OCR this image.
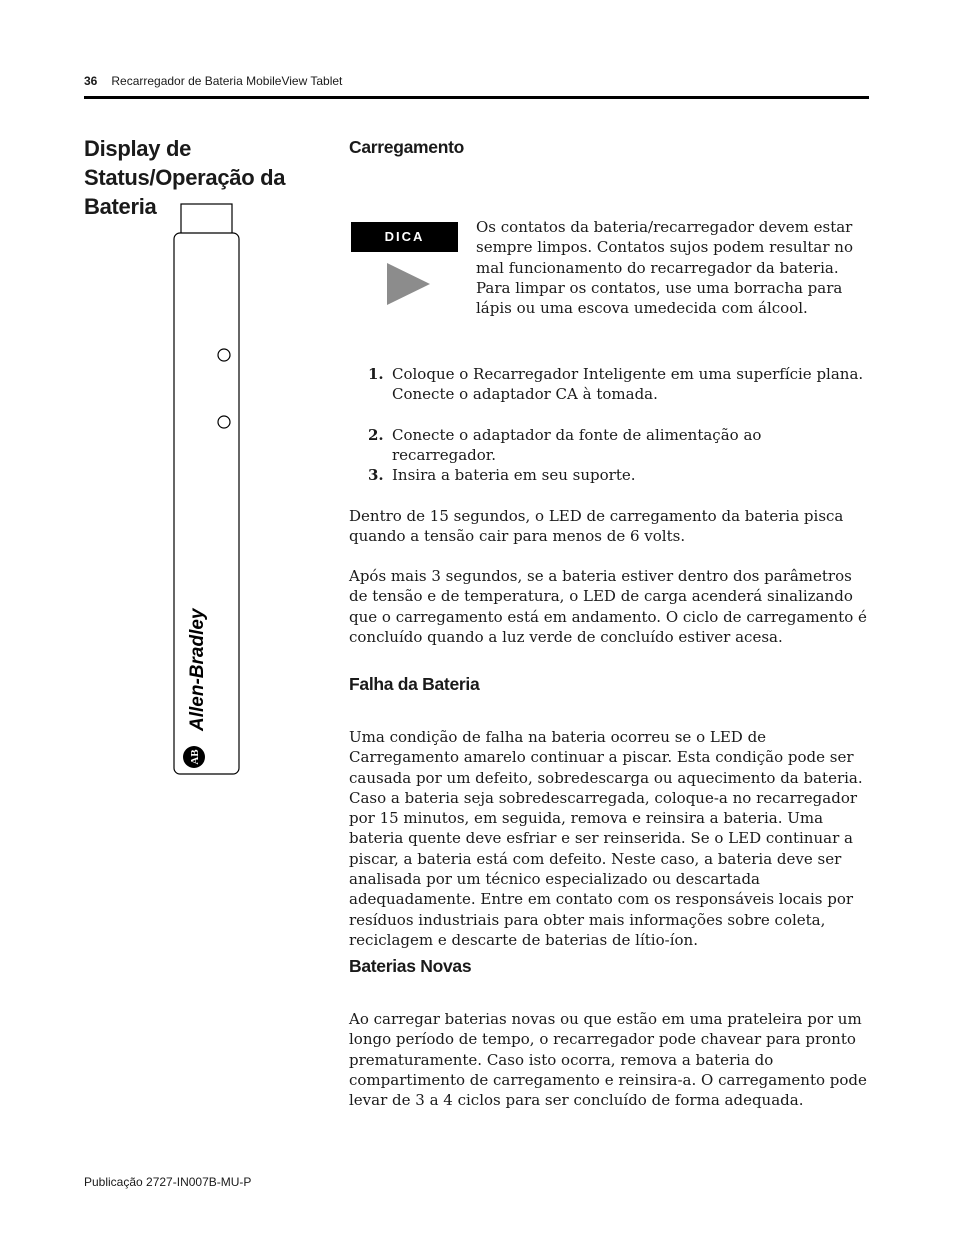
36 Recarregador de Bateria MobileView Tablet
Display de Status/Operação da Bateria
Allen-Bradley
AB
Carregamento
DICA
Os contatos da bateria/recarregador devem estar sempre limpos. Contatos sujos podem resultar no mal funcionamento do recarregador da bateria. Para limpar os contatos, use uma borracha para lápis ou uma escova umedecida com álcool.
1. Coloque o Recarregador Inteligente em uma superfície plana. Conecte o adaptador CA à tomada.
2. Conecte o adaptador da fonte de alimentação ao recarregador.
3. Insira a bateria em seu suporte.
Dentro de 15 segundos, o LED de carregamento da bateria pisca quando a tensão cair para menos de 6 volts.
Após mais 3 segundos, se a bateria estiver dentro dos parâmetros de tensão e de temperatura, o LED de carga acenderá sinalizando que o carregamento está em andamento. O ciclo de carregamento é concluído quando a luz verde de concluído estiver acesa.
Falha da Bateria
Uma condição de falha na bateria ocorreu se o LED de Carregamento amarelo continuar a piscar. Esta condição pode ser causada por um defeito, sobredescarga ou aquecimento da bateria. Caso a bateria seja sobredescarregada, coloque-a no recarregador por 15 minutos, em seguida, remova e reinsira a bateria. Uma bateria quente deve esfriar e ser reinserida. Se o LED continuar a piscar, a bateria está com defeito. Neste caso, a bateria deve ser analisada por um técnico especializado ou descartada adequadamente. Entre em contato com os responsáveis locais por resíduos industriais para obter mais informações sobre coleta, reciclagem e descarte de baterias de lítio-íon.
Baterias Novas
Ao carregar baterias novas ou que estão em uma prateleira por um longo período de tempo, o recarregador pode chavear para pronto prematuramente. Caso isto ocorra, remova a bateria do compartimento de carregamento e reinsira-a. O carregamento pode levar de 3 a 4 ciclos para ser concluído de forma adequada.
Publicação 2727-IN007B-MU-P
